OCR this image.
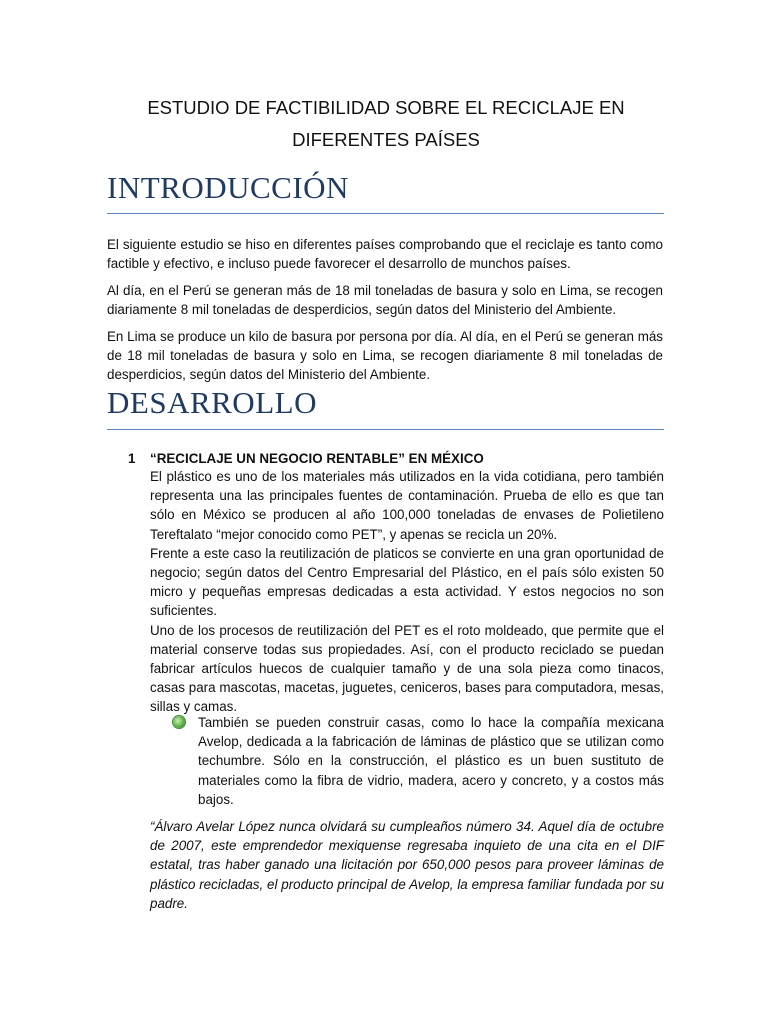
ESTUDIO DE FACTIBILIDAD SOBRE EL RECICLAJE EN
DIFERENTES PAÍSES
INTRODUCCIÓN
El siguiente estudio se hiso en diferentes países comprobando que el reciclaje es tanto como factible y efectivo, e incluso puede favorecer el desarrollo de munchos países.
Al día, en el Perú se generan más de 18 mil toneladas de basura y solo en Lima, se recogen diariamente 8 mil toneladas de desperdicios, según datos del Ministerio del Ambiente.
En Lima se produce un kilo de basura por persona por día. Al día, en el Perú se generan más de 18 mil toneladas de basura y solo en Lima, se recogen diariamente 8 mil toneladas de desperdicios, según datos del Ministerio del Ambiente.
DESARROLLO
1 “RECICLAJE UN NEGOCIO RENTABLE” EN MÉXICO

El plástico es uno de los materiales más utilizados en la vida cotidiana, pero también representa una las principales fuentes de contaminación. Prueba de ello es que tan sólo en México se producen al año 100,000 toneladas de envases de Polietileno Tereftalato “mejor conocido como PET”, y apenas se recicla un 20%.

Frente a este caso la reutilización de platicos se convierte en una gran oportunidad de negocio; según datos del Centro Empresarial del Plástico, en el país sólo existen 50 micro y pequeñas empresas dedicadas a esta actividad. Y estos negocios no son suficientes.

Uno de los procesos de reutilización del PET es el roto moldeado, que permite que el material conserve todas sus propiedades. Así, con el producto reciclado se puedan fabricar artículos huecos de cualquier tamaño y de una sola pieza como tinacos, casas para mascotas, macetas, juguetes, ceniceros, bases para computadora, mesas, sillas y camas.

También se pueden construir casas, como lo hace la compañía mexicana Avelop, dedicada a la fabricación de láminas de plástico que se utilizan como techumbre. Sólo en la construcción, el plástico es un buen sustituto de materiales como la fibra de vidrio, madera, acero y concreto, y a costos más bajos.
“Álvaro Avelar López nunca olvidará su cumpleaños número 34. Aquel día de octubre de 2007, este emprendedor mexiquense regresaba inquieto de una cita en el DIF estatal, tras haber ganado una licitación por 650,000 pesos para proveer láminas de plástico recicladas, el producto principal de Avelop, la empresa familiar fundada por su padre.
